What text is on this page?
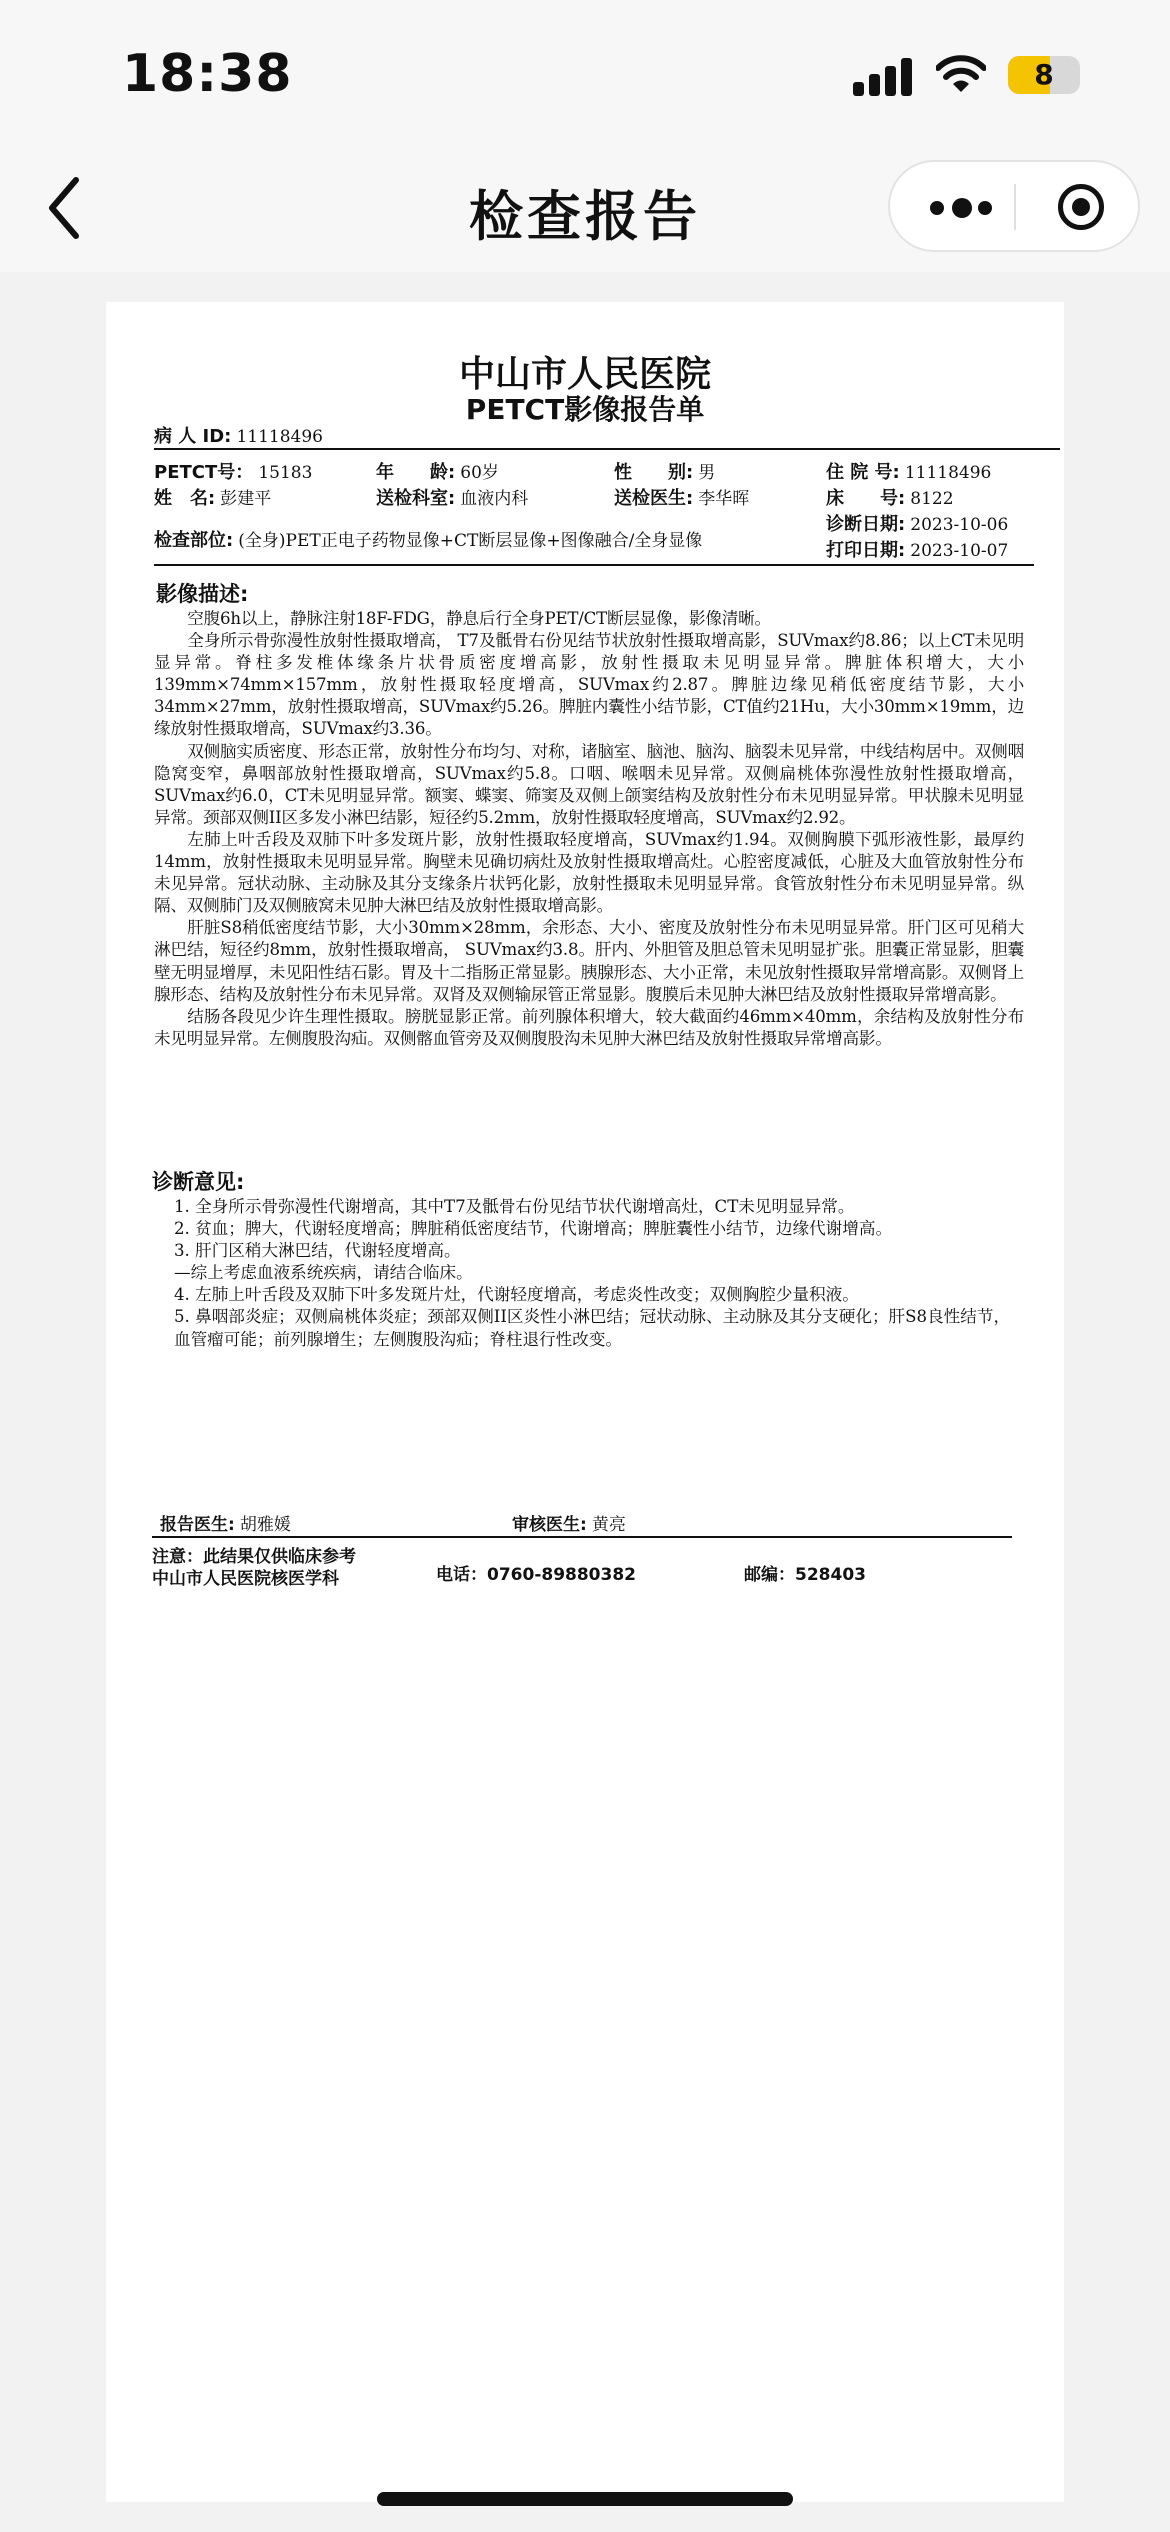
18:38	8
检查报告
中山市人民医院
PETCT影像报告单
病 人 ID: 11118496
PETCT号： 15183	年　　龄: 60岁	性　　别: 男	住 院 号: 11118496
姓　名: 彭建平	送检科室: 血液内科	送检医生: 李华晖	床　　号: 8122
诊断日期: 2023-10-06
检查部位: (全身)PET正电子药物显像+CT断层显像+图像融合/全身显像	打印日期: 2023-10-07
影像描述:
空腹6h以上，静脉注射18F-FDG，静息后行全身PET/CT断层显像，影像清晰。
全身所示骨弥漫性放射性摄取增高， T7及骶骨右份见结节状放射性摄取增高影，SUVmax约8.86；以上CT未见明显异常。脊柱多发椎体缘条片状骨质密度增高影，放射性摄取未见明显异常。脾脏体积增大，大小139mm×74mm×157mm，放射性摄取轻度增高，SUVmax约2.87。脾脏边缘见稍低密度结节影，大小34mm×27mm，放射性摄取增高，SUVmax约5.26。脾脏内囊性小结节影，CT值约21Hu，大小30mm×19mm，边缘放射性摄取增高，SUVmax约3.36。
双侧脑实质密度、形态正常，放射性分布均匀、对称，诸脑室、脑池、脑沟、脑裂未见异常，中线结构居中。双侧咽隐窝变窄，鼻咽部放射性摄取增高，SUVmax约5.8。口咽、喉咽未见异常。双侧扁桃体弥漫性放射性摄取增高，SUVmax约6.0，CT未见明显异常。额窦、蝶窦、筛窦及双侧上颌窦结构及放射性分布未见明显异常。甲状腺未见明显异常。颈部双侧II区多发小淋巴结影，短径约5.2mm，放射性摄取轻度增高，SUVmax约2.92。
左肺上叶舌段及双肺下叶多发斑片影，放射性摄取轻度增高，SUVmax约1.94。双侧胸膜下弧形液性影，最厚约14mm，放射性摄取未见明显异常。胸壁未见确切病灶及放射性摄取增高灶。心腔密度减低，心脏及大血管放射性分布未见异常。冠状动脉、主动脉及其分支缘条片状钙化影，放射性摄取未见明显异常。食管放射性分布未见明显异常。纵隔、双侧肺门及双侧腋窝未见肿大淋巴结及放射性摄取增高影。
肝脏S8稍低密度结节影，大小30mm×28mm，余形态、大小、密度及放射性分布未见明显异常。肝门区可见稍大淋巴结，短径约8mm，放射性摄取增高， SUVmax约3.8。肝内、外胆管及胆总管未见明显扩张。胆囊正常显影，胆囊壁无明显增厚，未见阳性结石影。胃及十二指肠正常显影。胰腺形态、大小正常，未见放射性摄取异常增高影。双侧肾上腺形态、结构及放射性分布未见异常。双肾及双侧输尿管正常显影。腹膜后未见肿大淋巴结及放射性摄取异常增高影。
结肠各段见少许生理性摄取。膀胱显影正常。前列腺体积增大，较大截面约46mm×40mm，余结构及放射性分布未见明显异常。左侧腹股沟疝。双侧髂血管旁及双侧腹股沟未见肿大淋巴结及放射性摄取异常增高影。
诊断意见:
1. 全身所示骨弥漫性代谢增高，其中T7及骶骨右份见结节状代谢增高灶，CT未见明显异常。
2. 贫血；脾大，代谢轻度增高；脾脏稍低密度结节，代谢增高；脾脏囊性小结节，边缘代谢增高。
3. 肝门区稍大淋巴结，代谢轻度增高。
—综上考虑血液系统疾病，请结合临床。
4. 左肺上叶舌段及双肺下叶多发斑片灶，代谢轻度增高，考虑炎性改变；双侧胸腔少量积液。
5. 鼻咽部炎症；双侧扁桃体炎症；颈部双侧II区炎性小淋巴结；冠状动脉、主动脉及其分支硬化；肝S8良性结节，血管瘤可能；前列腺增生；左侧腹股沟疝；脊柱退行性改变。
报告医生: 胡雅媛	审核医生: 黄亮
注意：此结果仅供临床参考
中山市人民医院核医学科	电话：0760-89880382	邮编：528403
